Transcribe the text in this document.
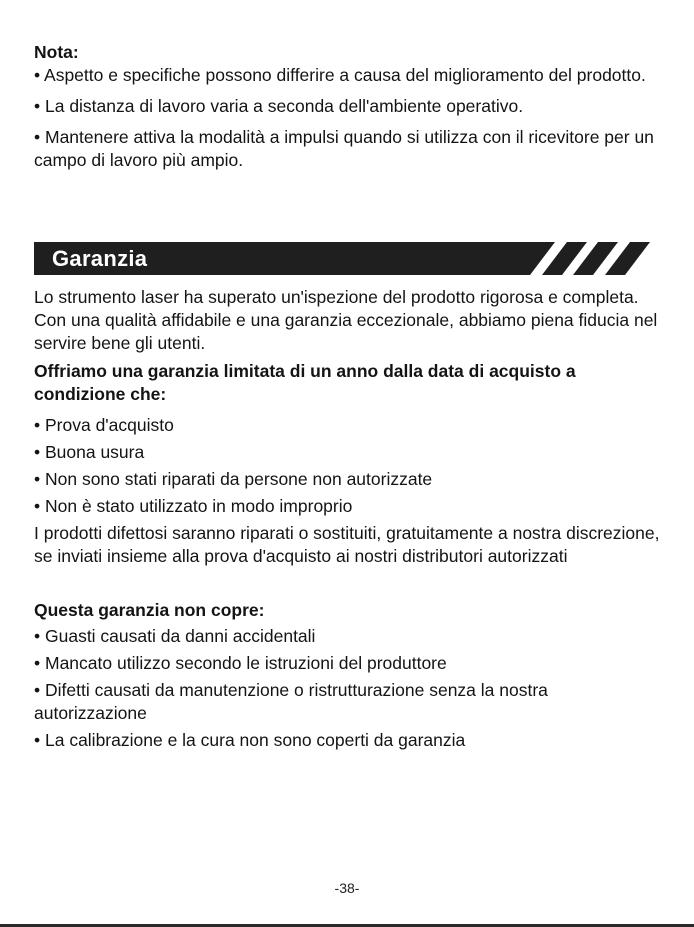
Nota:
• Aspetto e specifiche possono differire a causa del miglioramento del prodotto.
• La distanza di lavoro varia a seconda dell'ambiente operativo.
• Mantenere attiva la modalità a impulsi quando si utilizza con il ricevitore per un campo di lavoro più ampio.
Garanzia
Lo strumento laser ha superato un'ispezione del prodotto rigorosa e completa. Con una qualità affidabile e una garanzia eccezionale, abbiamo piena fiducia nel servire bene gli utenti.
Offriamo una garanzia limitata di un anno dalla data di acquisto a condizione che:
• Prova d'acquisto
• Buona usura
• Non sono stati riparati da persone non autorizzate
• Non è stato utilizzato in modo improprio
I prodotti difettosi saranno riparati o sostituiti, gratuitamente a nostra discrezione, se inviati insieme alla prova d'acquisto ai nostri distributori autorizzati
Questa garanzia non copre:
• Guasti causati da danni accidentali
• Mancato utilizzo secondo le istruzioni del produttore
• Difetti causati da manutenzione o ristrutturazione senza la nostra autorizzazione
• La calibrazione e la cura non sono coperti da garanzia
-38-
